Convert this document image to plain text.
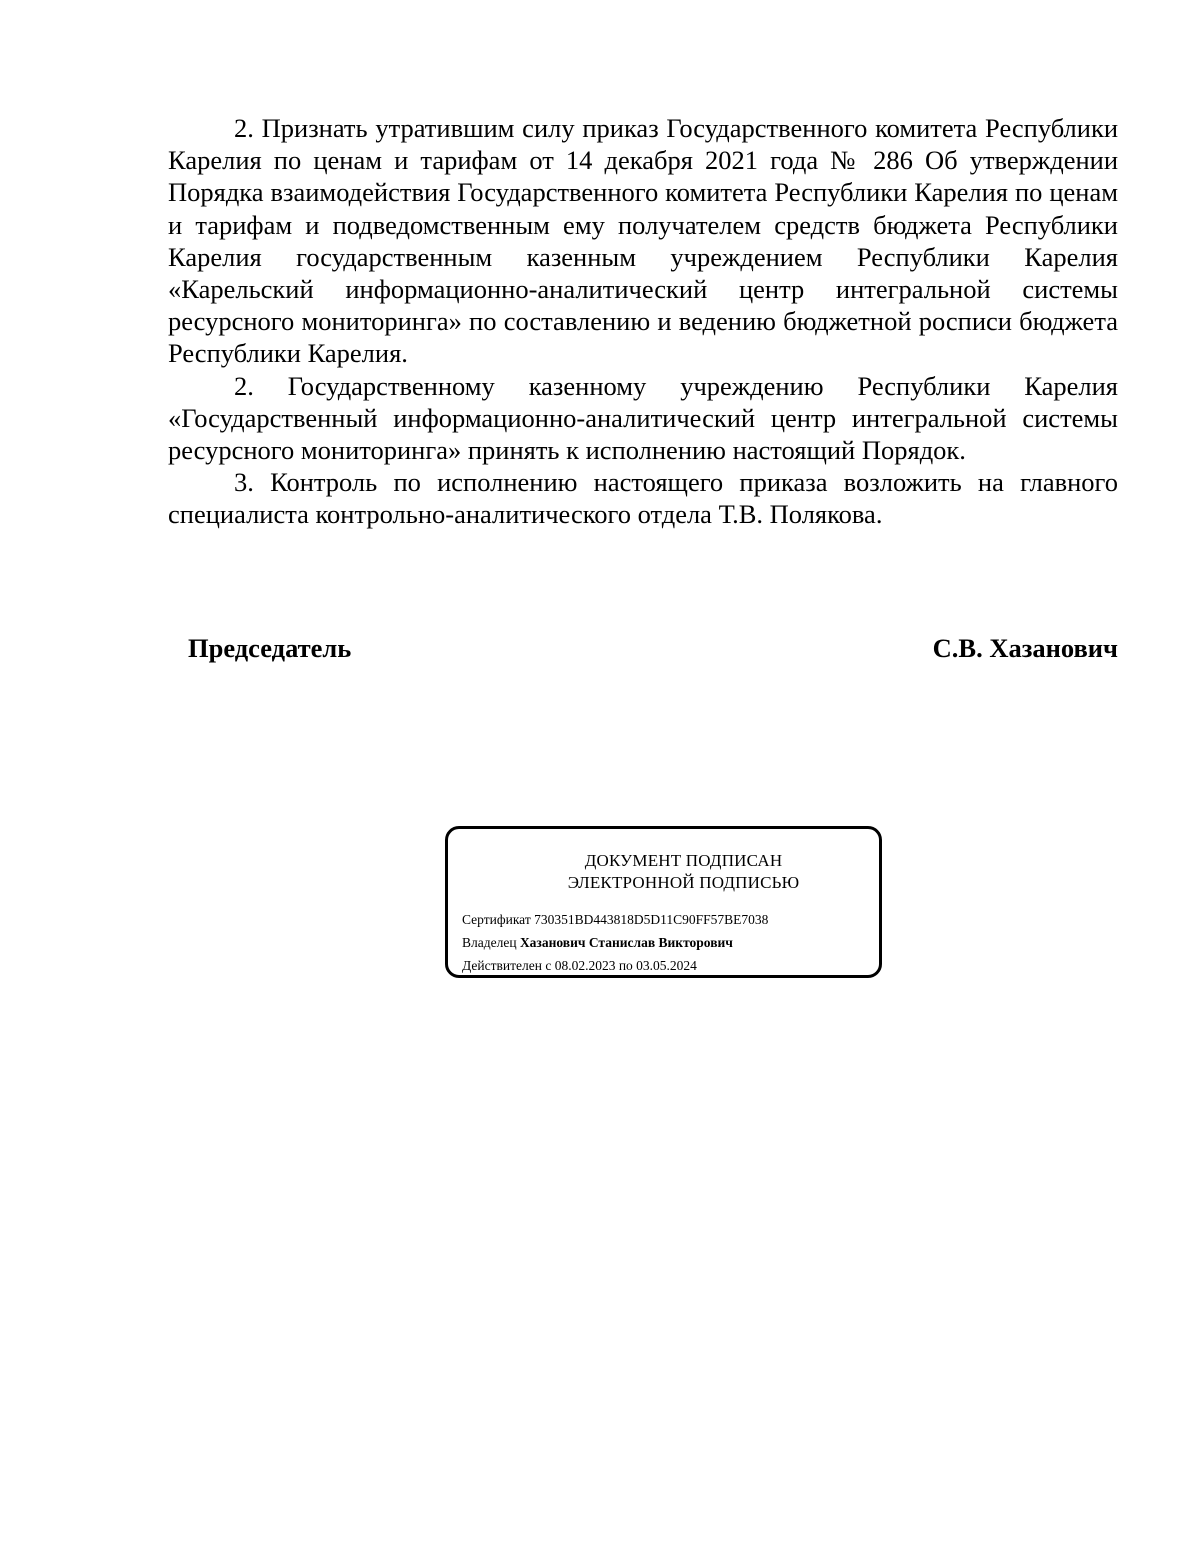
2. Признать утратившим силу приказ Государственного комитета Республики Карелия по ценам и тарифам от 14 декабря 2021 года № 286 Об утверждении Порядка взаимодействия Государственного комитета Республики Карелия по ценам и тарифам и подведомственным ему получателем средств бюджета Республики Карелия государственным казенным учреждением Республики Карелия «Карельский информационно-аналитический центр интегральной системы ресурсного мониторинга» по составлению и ведению бюджетной росписи бюджета Республики Карелия.

2. Государственному казенному учреждению Республики Карелия «Государственный информационно-аналитический центр интегральной системы ресурсного мониторинга» принять к исполнению настоящий Порядок.

3. Контроль по исполнению настоящего приказа возложить на главного специалиста контрольно-аналитического отдела Т.В. Полякова.

Председатель	С.В. Хазанович
ДОКУМЕНТ ПОДПИСАН
ЭЛЕКТРОННОЙ ПОДПИСЬЮ
Сертификат 730351BD443818D5D11C90FF57BE7038
Владелец Хазанович Станислав Викторович
Действителен с 08.02.2023 по 03.05.2024
